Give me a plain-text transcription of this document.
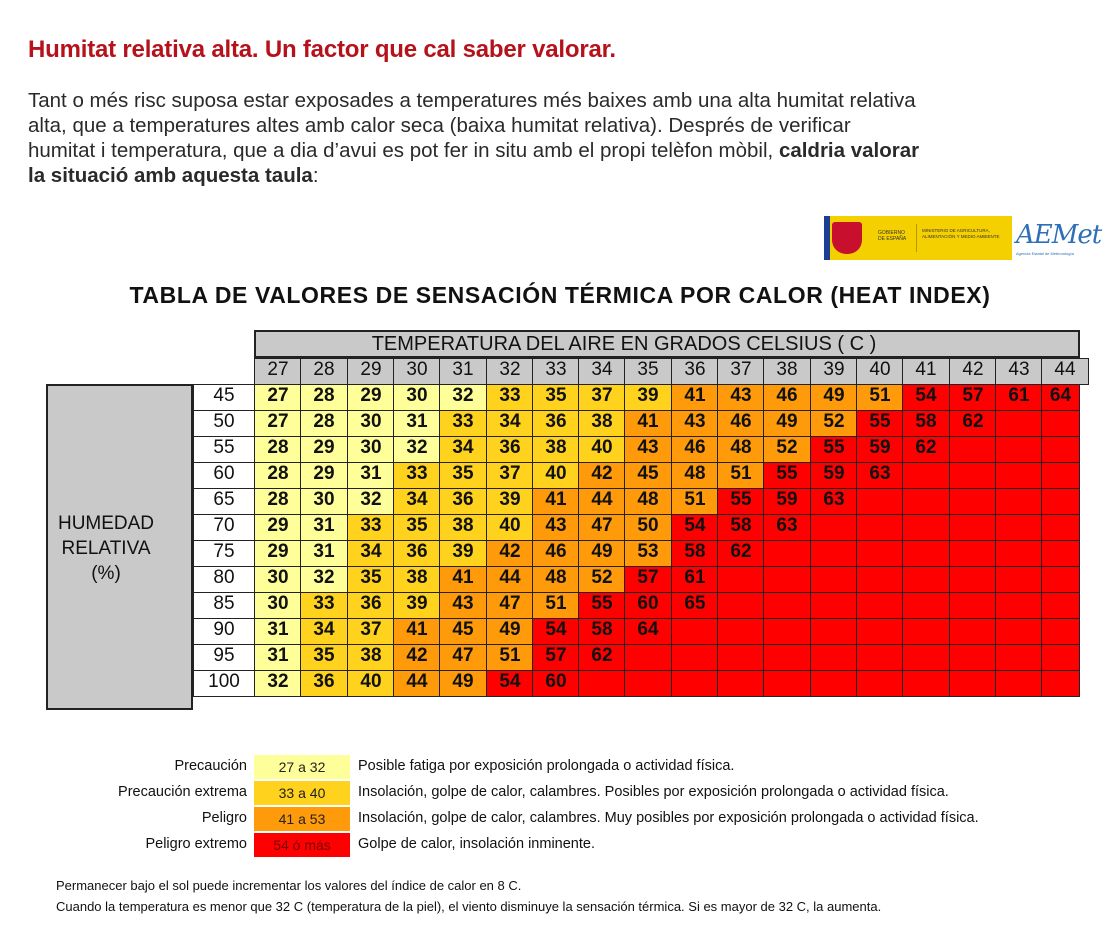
Humitat relativa alta. Un factor que cal saber valorar.
Tant o més risc suposa estar exposades a temperatures més baixes amb una alta humitat relativa
alta, que a temperatures altes amb calor seca (baixa humitat relativa). Després de verificar
humitat i temperatura, que a dia d’avui es pot fer in situ amb el propi telèfon mòbil, caldria valorar
la situació amb aquesta taula:
GOBIERNO DE ESPAÑA
MINISTERIO DE AGRICULTURA, ALIMENTACIÓN Y MEDIO AMBIENTE AEMet
Agencia Estatal de Meteorología
TABLA DE VALORES DE SENSACIÓN TÉRMICA POR CALOR (HEAT INDEX)
TEMPERATURA DEL AIRE EN GRADOS CELSIUS ( C )
HUMEDAD
RELATIVA
(%)
27	28	29	30	31	32	33	34	35	36	37	38	39	40	41	42	43	44
45	27	28	29	30	32	33	35	37	39	41	43	46	49	51	54	57	61	64
50	27	28	30	31	33	34	36	38	41	43	46	49	52	55	58	62
55	28	29	30	32	34	36	38	40	43	46	48	52	55	59	62
60	28	29	31	33	35	37	40	42	45	48	51	55	59	63
65	28	30	32	34	36	39	41	44	48	51	55	59	63
70	29	31	33	35	38	40	43	47	50	54	58	63
75	29	31	34	36	39	42	46	49	53	58	62
80	30	32	35	38	41	44	48	52	57	61
85	30	33	36	39	43	47	51	55	60	65
90	31	34	37	41	45	49	54	58	64
95	31	35	38	42	47	51	57	62
100	32	36	40	44	49	54	60
Precaución	27 a 32	Posible fatiga por exposición prolongada o actividad física.
Precaución extrema	33 a 40	Insolación, golpe de calor, calambres. Posibles por exposición prolongada o actividad física.
Peligro	41 a 53	Insolación, golpe de calor, calambres. Muy posibles por exposición prolongada o actividad física.
Peligro extremo	54 ó más	Golpe de calor, insolación inminente.
Permanecer bajo el sol puede incrementar los valores del índice de calor en 8 C.
Cuando la temperatura es menor que 32 C (temperatura de la piel), el viento disminuye la sensación térmica. Si es mayor de 32 C, la aumenta.
